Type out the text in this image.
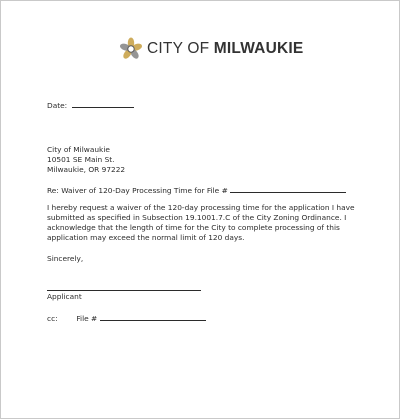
CITY OF MILWAUKIE
Date:
City of Milwaukie
10501 SE Main St.
Milwaukie, OR 97222
Re: Waiver of 120-Day Processing Time for File #
I hereby request a waiver of the 120-day processing time for the application I have submitted as specified in Subsection 19.1001.7.C of the City Zoning Ordinance. I acknowledge that the length of time for the City to complete processing of this application may exceed the normal limit of 120 days.
Sincerely,
Applicant
cc:	File #
